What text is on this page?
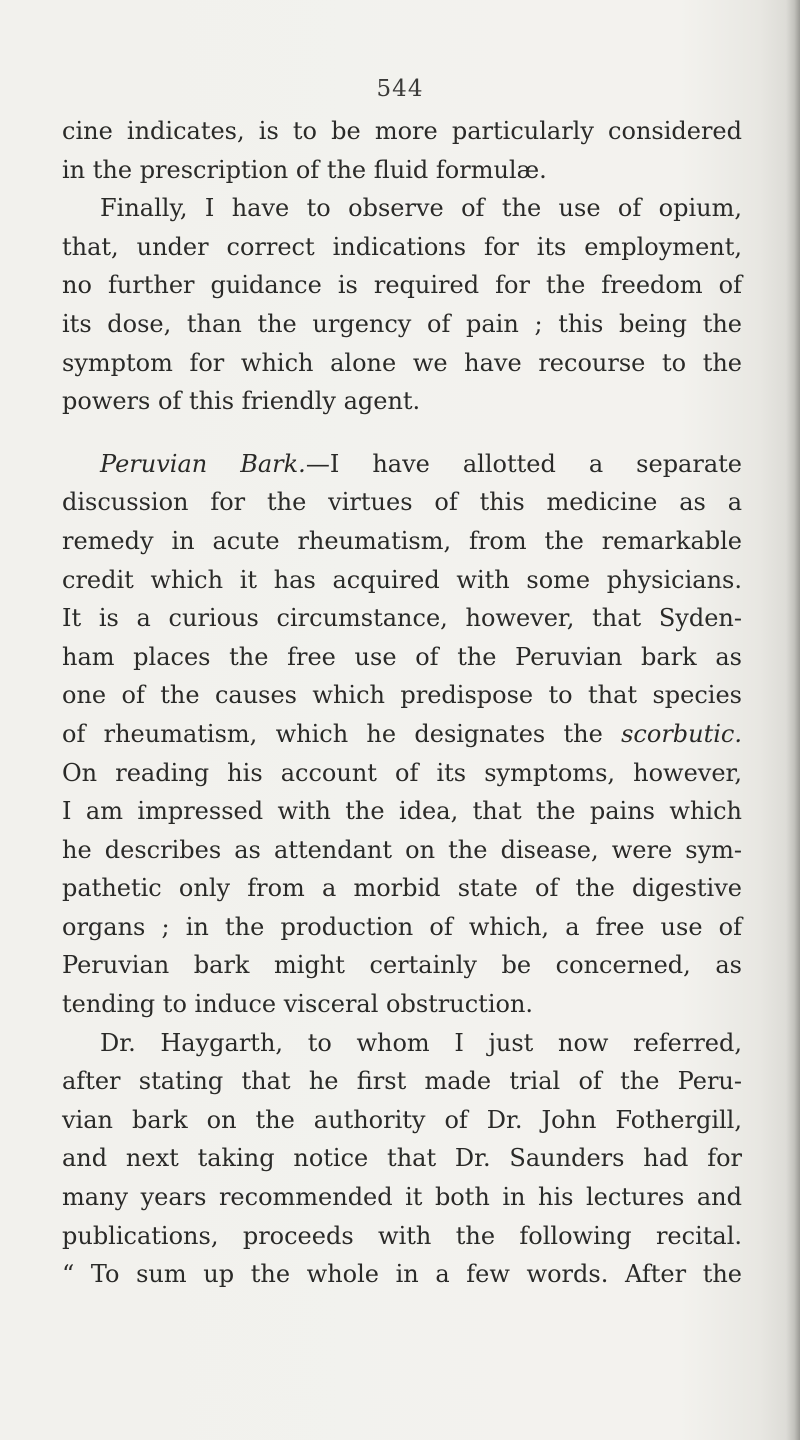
544
cine indicates, is to be more particularly considered
in the prescription of the fluid formulæ.
Finally, I have to observe of the use of opium,
that, under correct indications for its employment,
no further guidance is required for the freedom of
its dose, than the urgency of pain ; this being the
symptom for which alone we have recourse to the
powers of this friendly agent.
Peruvian Bark.—I have allotted a separate
discussion for the virtues of this medicine as a
remedy in acute rheumatism, from the remarkable
credit which it has acquired with some physicians.
It is a curious circumstance, however, that Syden-
ham places the free use of the Peruvian bark as
one of the causes which predispose to that species
of rheumatism, which he designates the scorbutic.
On reading his account of its symptoms, however,
I am impressed with the idea, that the pains which
he describes as attendant on the disease, were sym-
pathetic only from a morbid state of the digestive
organs ; in the production of which, a free use of
Peruvian bark might certainly be concerned, as
tending to induce visceral obstruction.
Dr. Haygarth, to whom I just now referred,
after stating that he first made trial of the Peru-
vian bark on the authority of Dr. John Fothergill,
and next taking notice that Dr. Saunders had for
many years recommended it both in his lectures and
publications, proceeds with the following recital.
“ To sum up the whole in a few words. After the
